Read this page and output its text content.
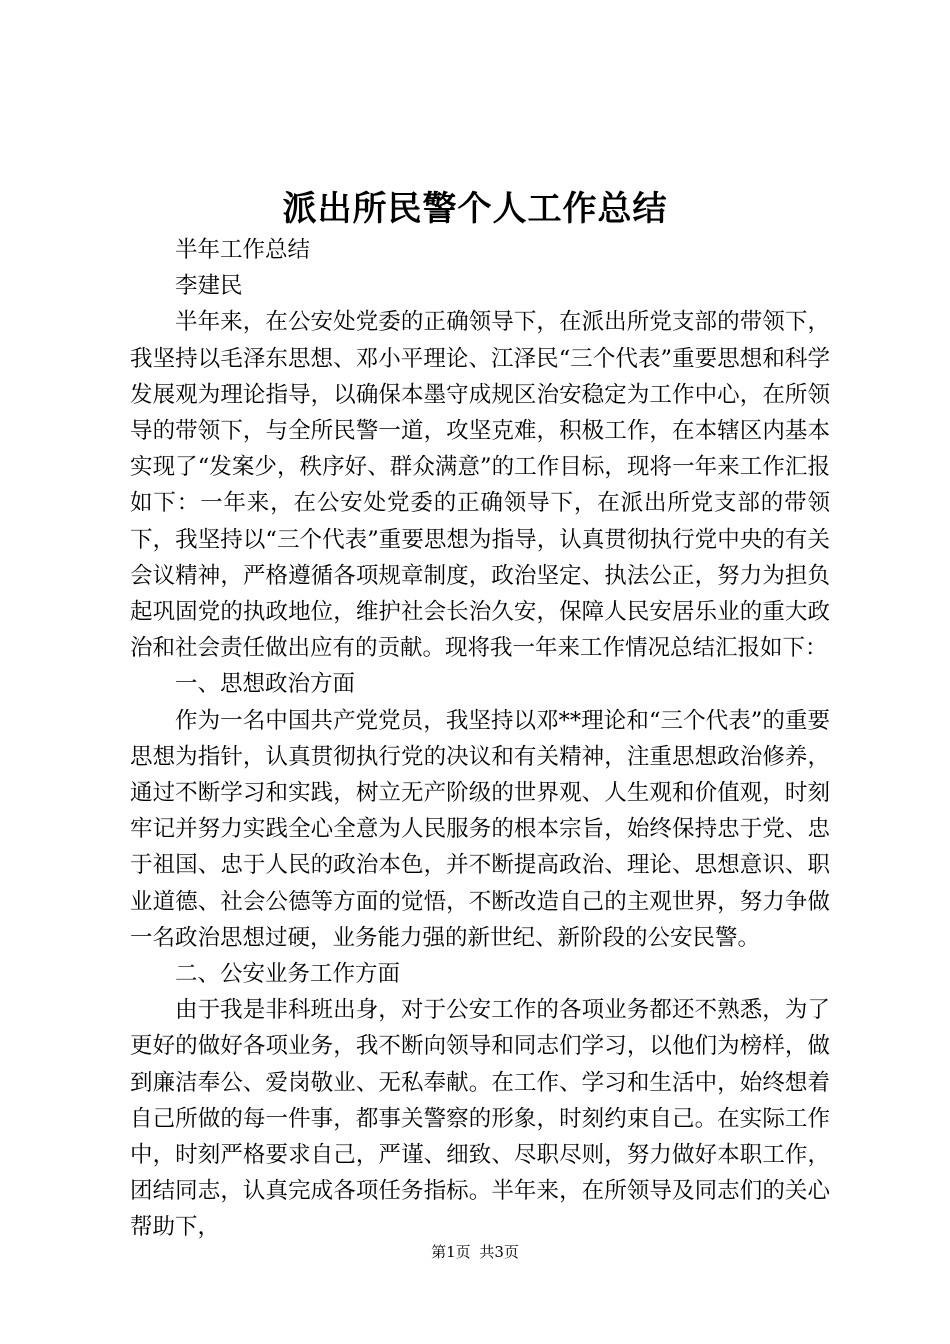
派出所民警个人工作总结

半年工作总结

李建民

半年来，在公安处党委的正确领导下，在派出所党支部的带领下，我坚持以毛泽东思想、邓小平理论、江泽民“三个代表”重要思想和科学发展观为理论指导，以确保本墨守成规区治安稳定为工作中心，在所领导的带领下，与全所民警一道，攻坚克难，积极工作，在本辖区内基本实现了“发案少，秩序好、群众满意”的工作目标，现将一年来工作汇报如下：一年来，在公安处党委的正确领导下，在派出所党支部的带领下，我坚持以“三个代表”重要思想为指导，认真贯彻执行党中央的有关会议精神，严格遵循各项规章制度，政治坚定、执法公正，努力为担负起巩固党的执政地位，维护社会长治久安，保障人民安居乐业的重大政治和社会责任做出应有的贡献。现将我一年来工作情况总结汇报如下：

一、思想政治方面

作为一名中国共产党党员，我坚持以邓**理论和“三个代表”的重要思想为指针，认真贯彻执行党的决议和有关精神，注重思想政治修养，通过不断学习和实践，树立无产阶级的世界观、人生观和价值观，时刻牢记并努力实践全心全意为人民服务的根本宗旨，始终保持忠于党、忠于祖国、忠于人民的政治本色，并不断提高政治、理论、思想意识、职业道德、社会公德等方面的觉悟，不断改造自己的主观世界，努力争做一名政治思想过硬，业务能力强的新世纪、新阶段的公安民警。

二、公安业务工作方面

由于我是非科班出身，对于公安工作的各项业务都还不熟悉，为了更好的做好各项业务，我不断向领导和同志们学习，以他们为榜样，做到廉洁奉公、爱岗敬业、无私奉献。在工作、学习和生活中，始终想着自己所做的每一件事，都事关警察的形象，时刻约束自己。在实际工作中，时刻严格要求自己，严谨、细致、尽职尽则，努力做好本职工作，团结同志，认真完成各项任务指标。半年来，在所领导及同志们的关心帮助下，

第1页 共3页
